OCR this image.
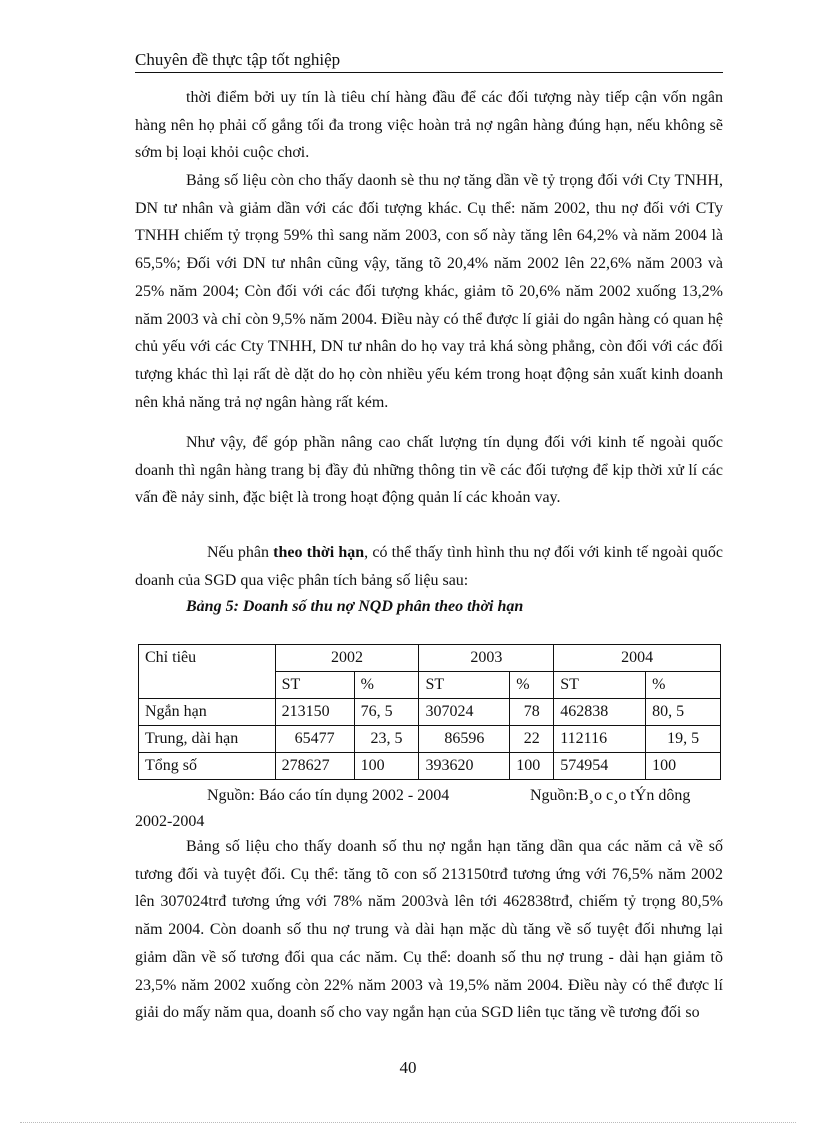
Chuyên đề thực tập tốt nghiệp

thời điểm bởi uy tín là tiêu chí hàng đầu để các đối tượng này tiếp cận vốn ngân hàng nên họ phải cố gắng tối đa trong việc hoàn trả nợ ngân hàng đúng hạn, nếu không sẽ sớm bị loại khỏi cuộc chơi.

Bảng số liệu còn cho thấy daonh sè thu nợ tăng dần về tỷ trọng đối với Cty TNHH, DN tư nhân và giảm dần với các đối tượng khác. Cụ thể: năm 2002, thu nợ đối với CTy TNHH chiếm tỷ trọng 59% thì sang năm 2003, con số này tăng lên 64,2% và năm 2004 là 65,5%; Đối với DN tư nhân cũng vậy, tăng tõ 20,4% năm 2002 lên 22,6% năm 2003 và 25% năm 2004; Còn đối với các đối tượng khác, giảm tõ 20,6% năm 2002 xuống 13,2% năm 2003 và chỉ còn 9,5% năm 2004. Điều này có thể được lí giải do ngân hàng có quan hệ chủ yếu với các Cty TNHH, DN tư nhân do họ vay trả khá sòng phẳng, còn đối với các đối tượng khác thì lại rất dè dặt do họ còn nhiều yếu kém trong hoạt động sản xuất kinh doanh nên khả năng trả nợ ngân hàng rất kém.

Như vậy, để góp phần nâng cao chất lượng tín dụng đối với kinh tế ngoài quốc doanh thì ngân hàng trang bị đầy đủ những thông tin về các đối tượng để kịp thời xử lí các vấn đề nảy sinh, đặc biệt là trong hoạt động quản lí các khoản vay.

Nếu phân theo thời hạn, có thể thấy tình hình thu nợ đối với kinh tế ngoài quốc doanh của SGD qua việc phân tích bảng số liệu sau:

Bảng 5: Doanh số thu nợ NQD phân theo thời hạn

Chỉ tiêu	2002		2003		2004	
	ST	%	ST	%	ST	%
Ngắn hạn	213150	76, 5	307024	78	462838	80, 5
Trung, dài hạn	65477	23, 5	86596	22	112116	19, 5
Tổng số	278627	100	393620	100	574954	100
Nguồn: Báo cáo tín dụng 2002 - 2004	Nguồn:B¸o c¸o tÝn dông
2002-2004

Bảng số liệu cho thấy doanh số thu nợ ngắn hạn tăng dần qua các năm cả về số tương đối và tuyệt đối. Cụ thể: tăng tõ con số 213150trđ tương ứng với 76,5% năm 2002 lên 307024trđ tương ứng với 78% năm 2003và lên tới 462838trđ, chiếm tỷ trọng 80,5% năm 2004. Còn doanh số thu nợ trung và dài hạn mặc dù tăng về số tuyệt đối nhưng lại giảm dần về số tương đối qua các năm. Cụ thể: doanh số thu nợ trung - dài hạn giảm tõ 23,5% năm 2002 xuống còn 22% năm 2003 và 19,5% năm 2004. Điều này có thể được lí giải do mấy năm qua, doanh số cho vay ngắn hạn của SGD liên tục tăng về tương đối so

40
